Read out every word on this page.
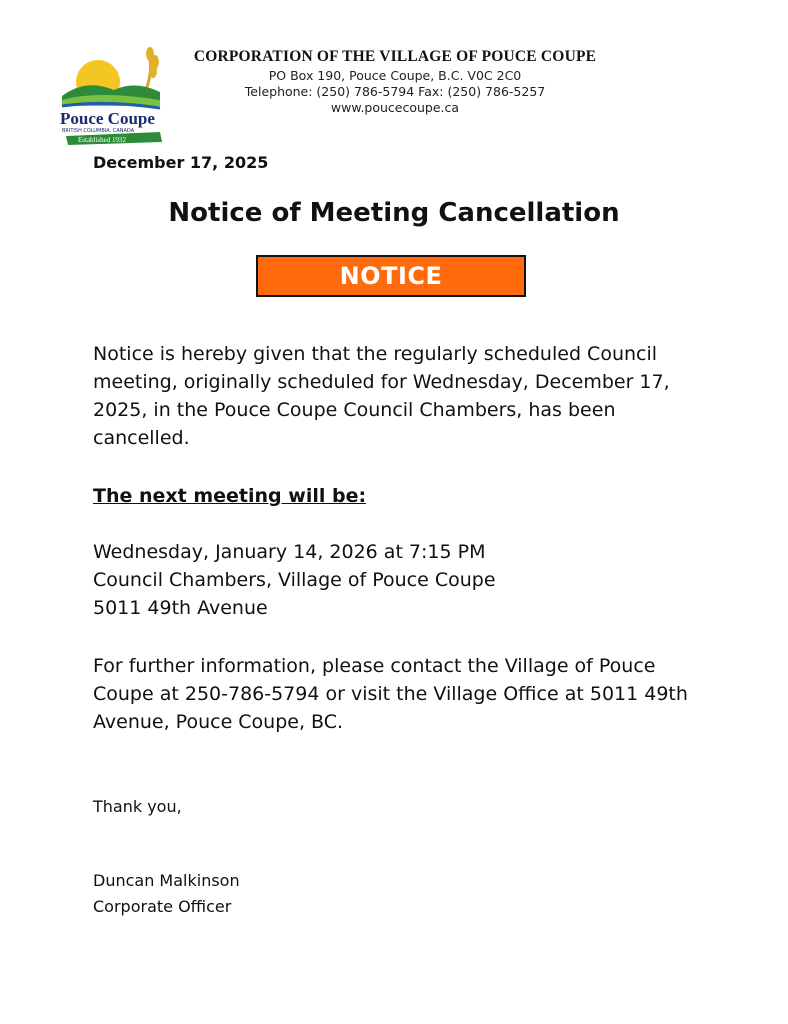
Pouce Coupe
BRITISH COLUMBIA, CANADA
Established 1932
CORPORATION OF THE VILLAGE OF POUCE COUPE
PO Box 190, Pouce Coupe, B.C. V0C 2C0
Telephone: (250) 786-5794 Fax: (250) 786-5257
www.poucecoupe.ca
December 17, 2025
Notice of Meeting Cancellation
NOTICE
Notice is hereby given that the regularly scheduled Council meeting, originally scheduled for Wednesday, December 17, 2025, in the Pouce Coupe Council Chambers, has been cancelled.
The next meeting will be:
Wednesday, January 14, 2026 at 7:15 PM
Council Chambers, Village of Pouce Coupe
5011 49th Avenue
For further information, please contact the Village of Pouce Coupe at 250-786-5794 or visit the Village Office at 5011 49th Avenue, Pouce Coupe, BC.
Thank you,
Duncan Malkinson
Corporate Officer
